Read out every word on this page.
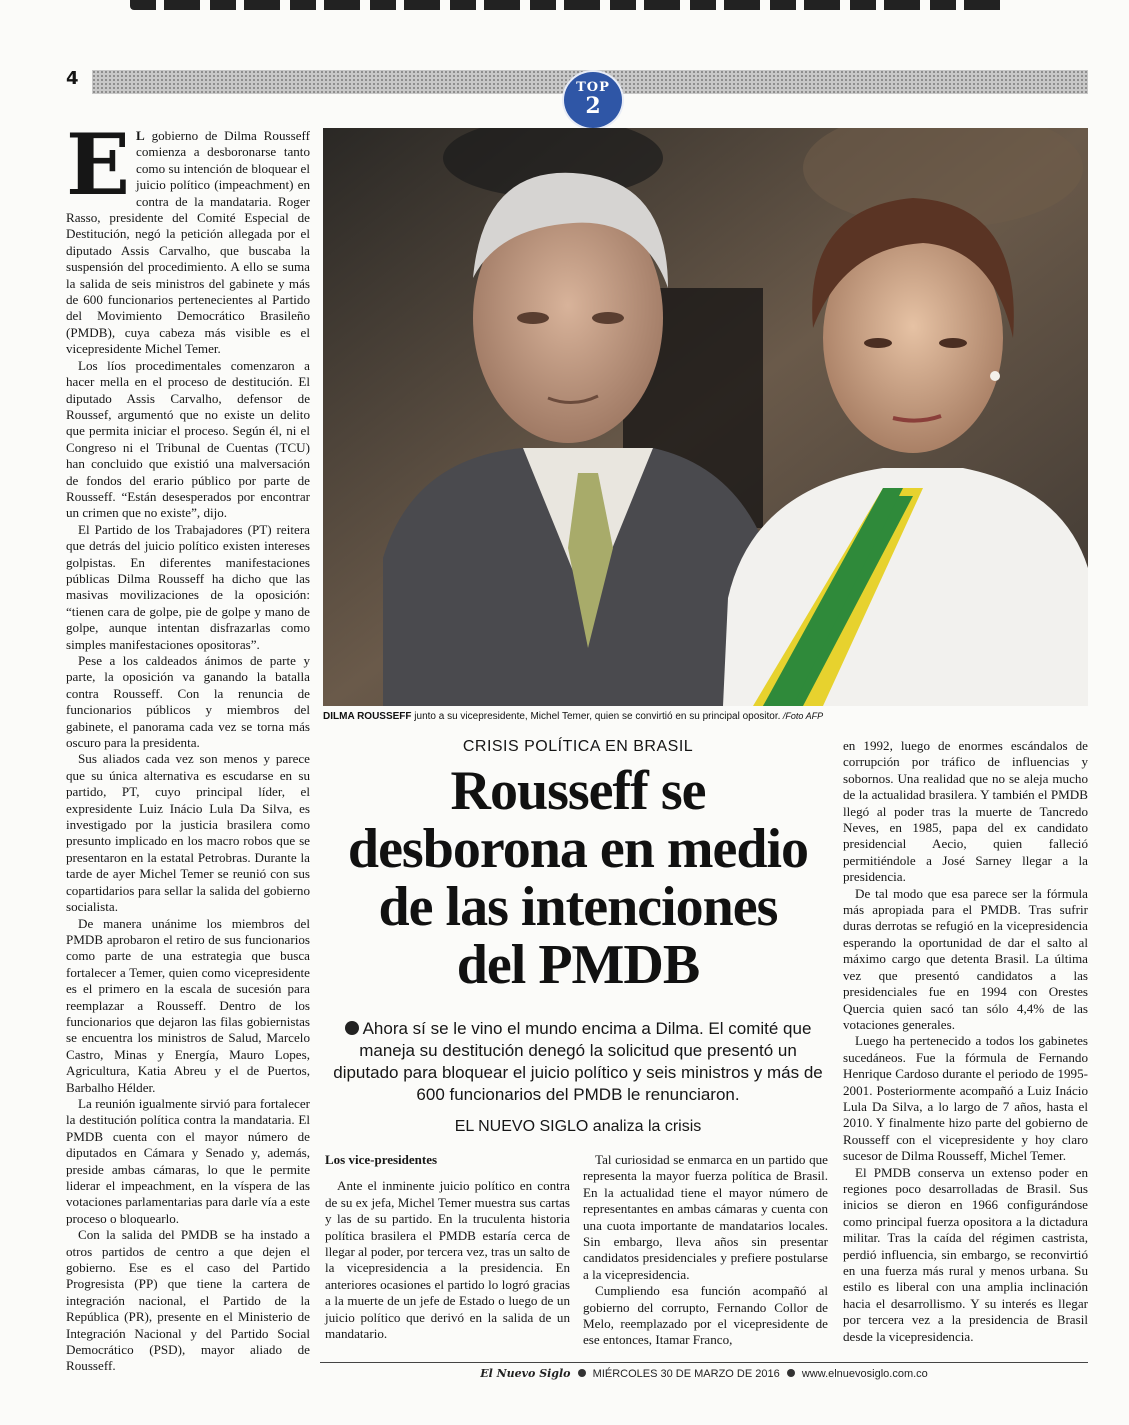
4	TOP
2

E L gobierno de Dilma Rousseff comienza a desboronarse tanto como su intención de bloquear el juicio político (impeachment) en contra de la mandataria. Roger Rasso, presidente del Comité Especial de Destitución, negó la petición allegada por el diputado Assis Carvalho, que buscaba la suspensión del procedimiento. A ello se suma la salida de seis ministros del gabinete y más de 600 funcionarios pertenecientes al Partido del Movimiento Democrático Brasileño (PMDB), cuya cabeza más visible es el vicepresidente Michel Temer.

Los líos procedimentales comenzaron a hacer mella en el proceso de destitución. El diputado Assis Carvalho, defensor de Roussef, argumentó que no existe un delito que permita iniciar el proceso. Según él, ni el Congreso ni el Tribunal de Cuentas (TCU) han concluido que existió una malversación de fondos del erario público por parte de Rousseff. “Están desesperados por encontrar un crimen que no existe”, dijo.

El Partido de los Trabajadores (PT) reitera que detrás del juicio político existen intereses golpistas. En diferentes manifestaciones públicas Dilma Rousseff ha dicho que las masivas movilizaciones de la oposición: “tienen cara de golpe, pie de golpe y mano de golpe, aunque intentan disfrazarlas como simples manifestaciones opositoras”.

Pese a los caldeados ánimos de parte y parte, la oposición va ganando la batalla contra Rousseff. Con la renuncia de funcionarios públicos y miembros del gabinete, el panorama cada vez se torna más oscuro para la presidenta.

Sus aliados cada vez son menos y parece que su única alternativa es escudarse en su partido, PT, cuyo principal líder, el expresidente Luiz Inácio Lula Da Silva, es investigado por la justicia brasilera como presunto implicado en los macro robos que se presentaron en la estatal Petrobras. Durante la tarde de ayer Michel Temer se reunió con sus copartidarios para sellar la salida del gobierno socialista.

De manera unánime los miembros del PMDB aprobaron el retiro de sus funcionarios como parte de una estrategia que busca fortalecer a Temer, quien como vicepresidente es el primero en la escala de sucesión para reemplazar a Rousseff. Dentro de los funcionarios que dejaron las filas gobiernistas se encuentra los ministros de Salud, Marcelo Castro, Minas y Energía, Mauro Lopes, Agricultura, Katia Abreu y el de Puertos, Barbalho Hélder.

La reunión igualmente sirvió para fortalecer la destitución política contra la mandataria. El PMDB cuenta con el mayor número de diputados en Cámara y Senado y, además, preside ambas cámaras, lo que le permite liderar el impeachment, en la víspera de las votaciones parlamentarias para darle vía a este proceso o bloquearlo.

Con la salida del PMDB se ha instado a otros partidos de centro a que dejen el gobierno. Ese es el caso del Partido Progresista (PP) que tiene la cartera de integración nacional, el Partido de la República (PR), presente en el Ministerio de Integración Nacional y del Partido Social Democrático (PSD), mayor aliado de Rousseff.

DILMA ROUSSEFF junto a su vicepresidente, Michel Temer, quien se convirtió en su principal opositor. /Foto AFP
CRISIS POLÍTICA EN BRASIL
Rousseff se
desborona en medio
de las intenciones
del PMDB
Ahora sí se le vino el mundo encima a Dilma. El comité que maneja su destitución denegó la solicitud que presentó un diputado para bloquear el juicio político y seis ministros y más de 600 funcionarios del PMDB le renunciaron.
EL NUEVO SIGLO analiza la crisis
Los vice-presidentes

Ante el inminente juicio político en contra de su ex jefa, Michel Temer muestra sus cartas y las de su partido. En la truculenta historia política brasilera el PMDB estaría cerca de llegar al poder, por tercera vez, tras un salto de la vicepresidencia a la presidencia. En anteriores ocasiones el partido lo logró gracias a la muerte de un jefe de Estado o luego de un juicio político que derivó en la salida de un mandatario.

Tal curiosidad se enmarca en un partido que representa la mayor fuerza política de Brasil. En la actualidad tiene el mayor número de representantes en ambas cámaras y cuenta con una cuota importante de mandatarios locales. Sin embargo, lleva años sin presentar candidatos presidenciales y prefiere postularse a la vicepresidencia.

Cumpliendo esa función acompañó al gobierno del corrupto, Fernando Collor de Melo, reemplazado por el vicepresidente de ese entonces, Itamar Franco,

en 1992, luego de enormes escándalos de corrupción por tráfico de influencias y sobornos. Una realidad que no se aleja mucho de la actualidad brasilera. Y también el PMDB llegó al poder tras la muerte de Tancredo Neves, en 1985, papa del ex candidato presidencial Aecio, quien falleció permitiéndole a José Sarney llegar a la presidencia.

De tal modo que esa parece ser la fórmula más apropiada para el PMDB. Tras sufrir duras derrotas se refugió en la vicepresidencia esperando la oportunidad de dar el salto al máximo cargo que detenta Brasil. La última vez que presentó candidatos a las presidenciales fue en 1994 con Orestes Quercia quien sacó tan sólo 4,4% de las votaciones generales.

Luego ha pertenecido a todos los gabinetes sucedáneos. Fue la fórmula de Fernando Henrique Cardoso durante el periodo de 1995-2001. Posteriormente acompañó a Luiz Inácio Lula Da Silva, a lo largo de 7 años, hasta el 2010. Y finalmente hizo parte del gobierno de Rousseff con el vicepresidente y hoy claro sucesor de Dilma Rousseff, Michel Temer.

El PMDB conserva un extenso poder en regiones poco desarrolladas de Brasil. Sus inicios se dieron en 1966 configurándose como principal fuerza opositora a la dictadura militar. Tras la caída del régimen castrista, perdió influencia, sin embargo, se reconvirtió en una fuerza más rural y menos urbana. Su estilo es liberal con una amplia inclinación hacia el desarrollismo. Y su interés es llegar por tercera vez a la presidencia de Brasil desde la vicepresidencia.

El Nuevo Siglo MIÉRCOLES 30 DE MARZO DE 2016 www.elnuevosiglo.com.co
